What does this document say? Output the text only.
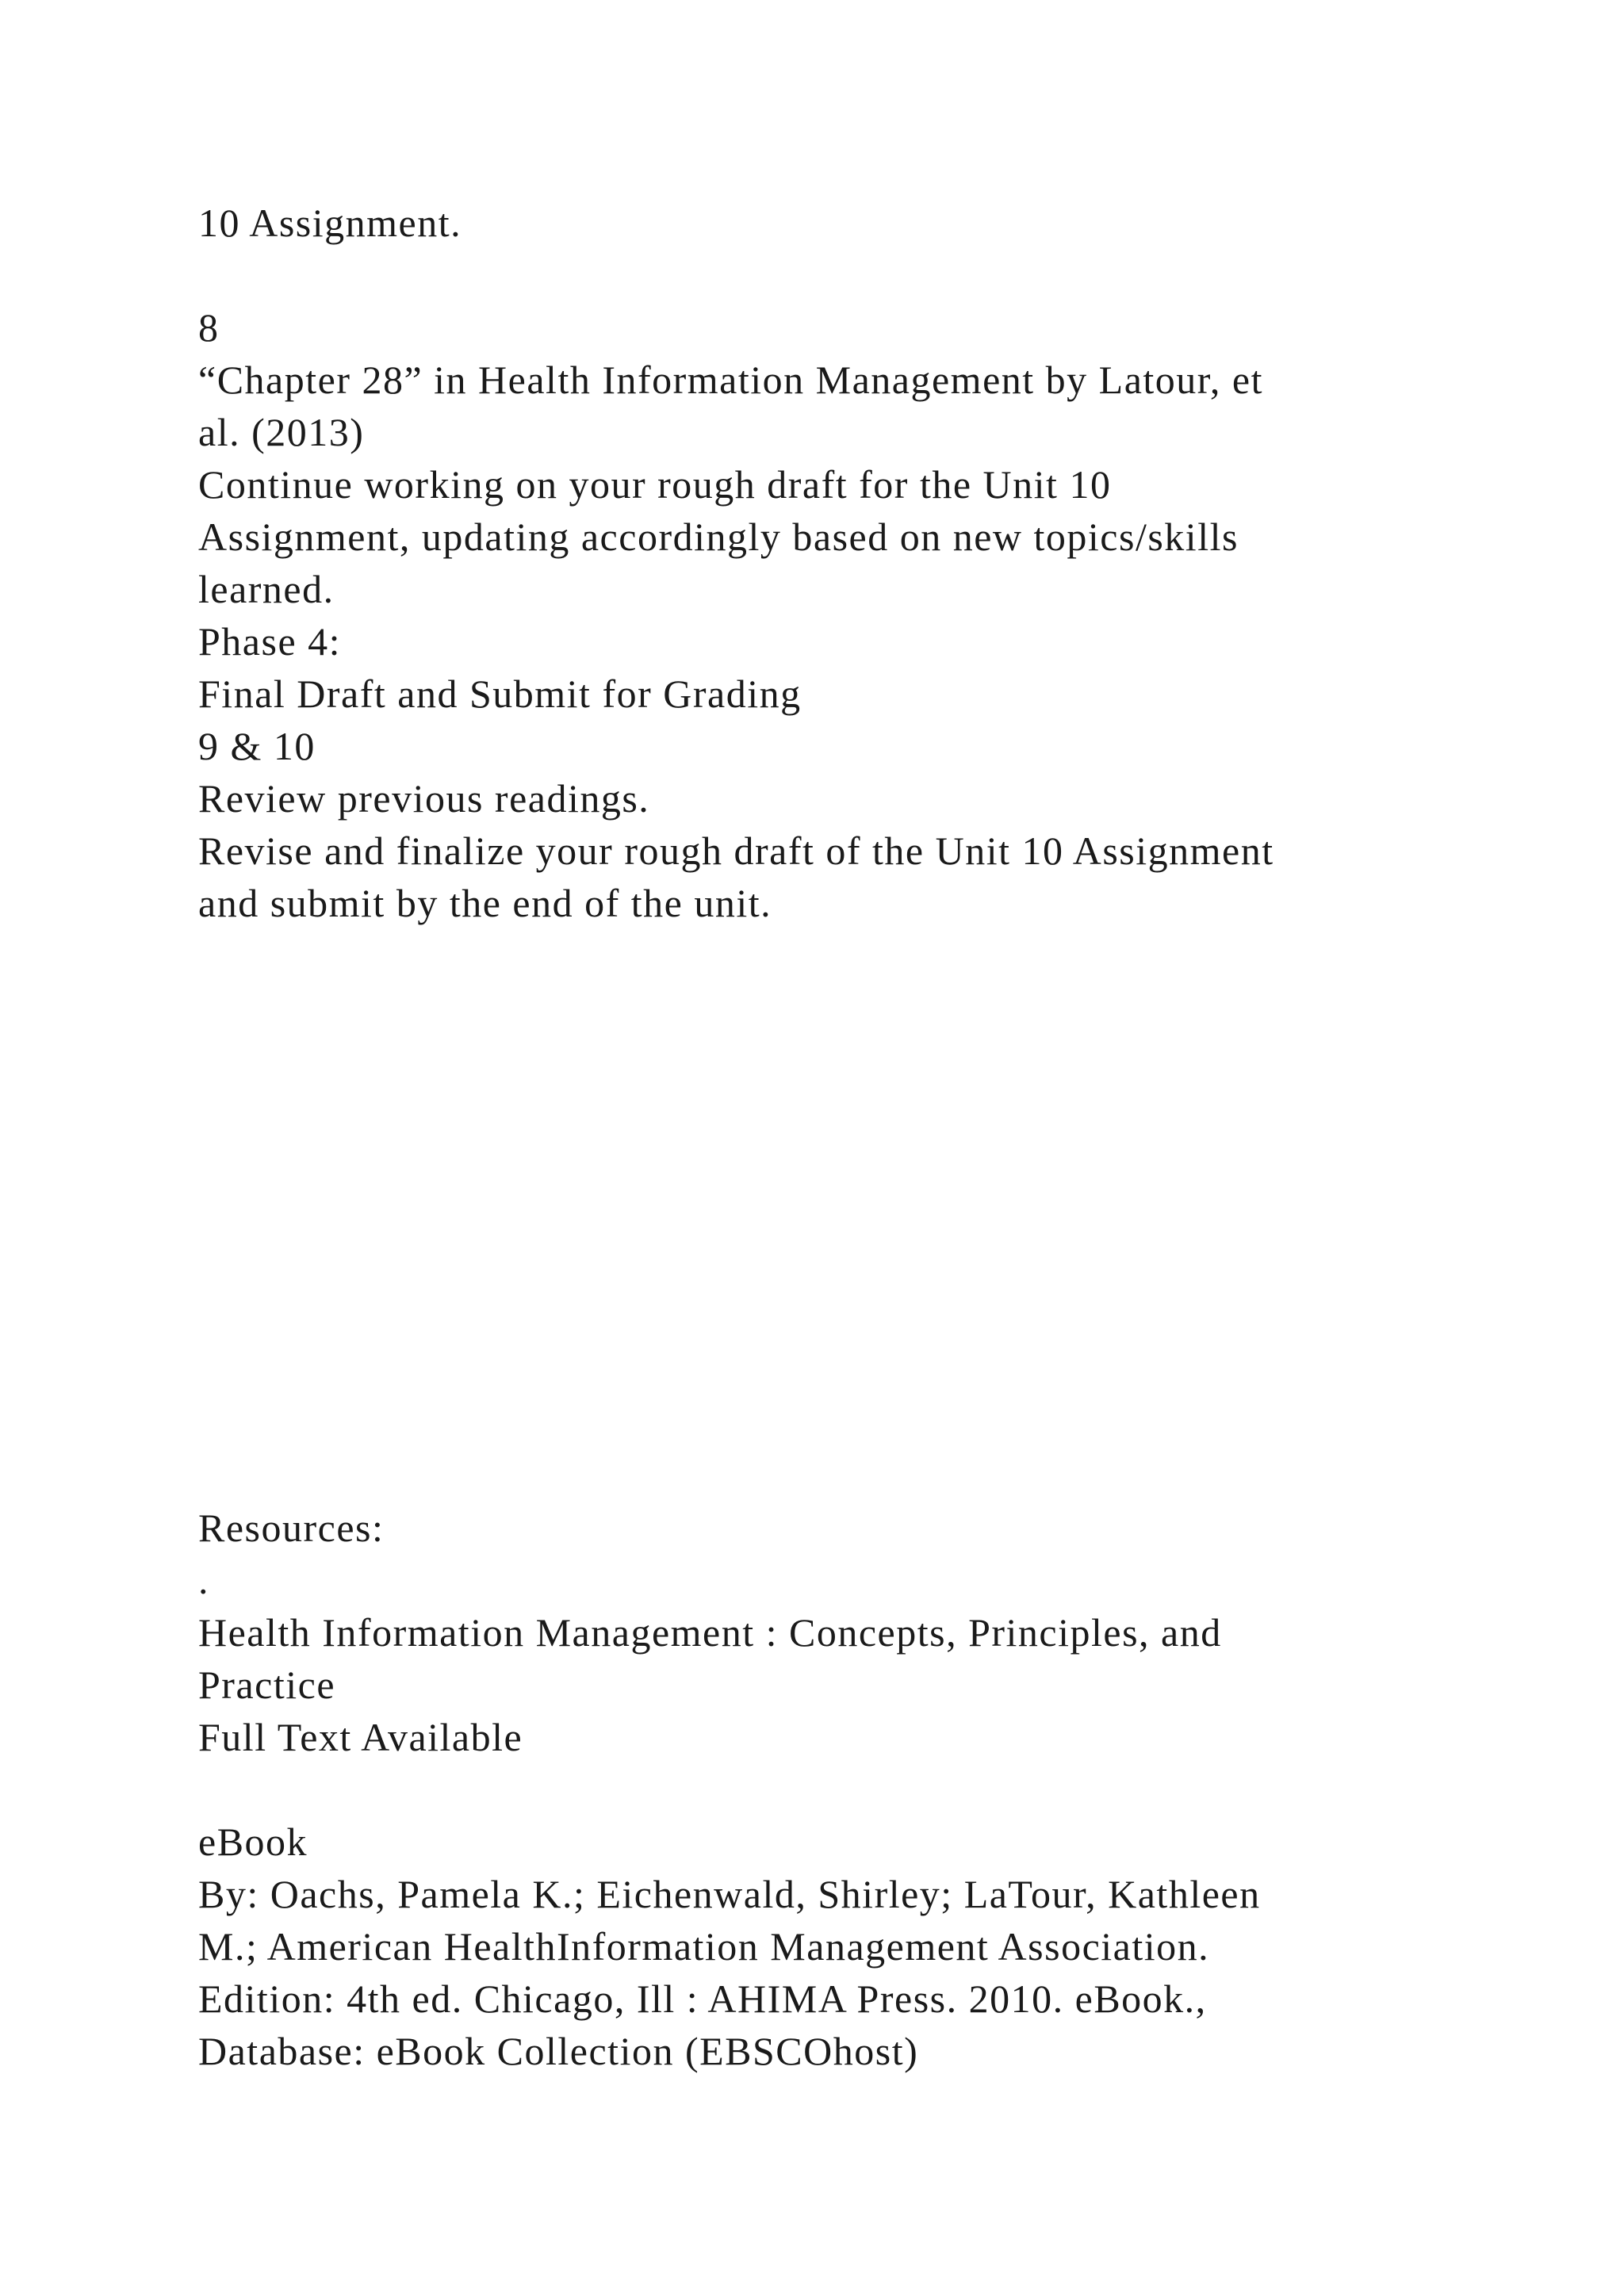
10 Assignment.
8
“Chapter 28” in Health Information Management by Latour, et
al. (2013)
Continue working on your rough draft for the Unit 10
Assignment, updating accordingly based on new topics/skills
learned.
Phase 4:
Final Draft and Submit for Grading
9 & 10
Review previous readings.
Revise and finalize your rough draft of the Unit 10 Assignment
and submit by the end of the unit.
Resources:
.
Health Information Management : Concepts, Principles, and
Practice
Full Text Available
eBook
By: Oachs, Pamela K.; Eichenwald, Shirley; LaTour, Kathleen
M.; American HealthInformation Management Association.
Edition: 4th ed. Chicago, Ill : AHIMA Press. 2010. eBook.,
Database: eBook Collection (EBSCOhost)
